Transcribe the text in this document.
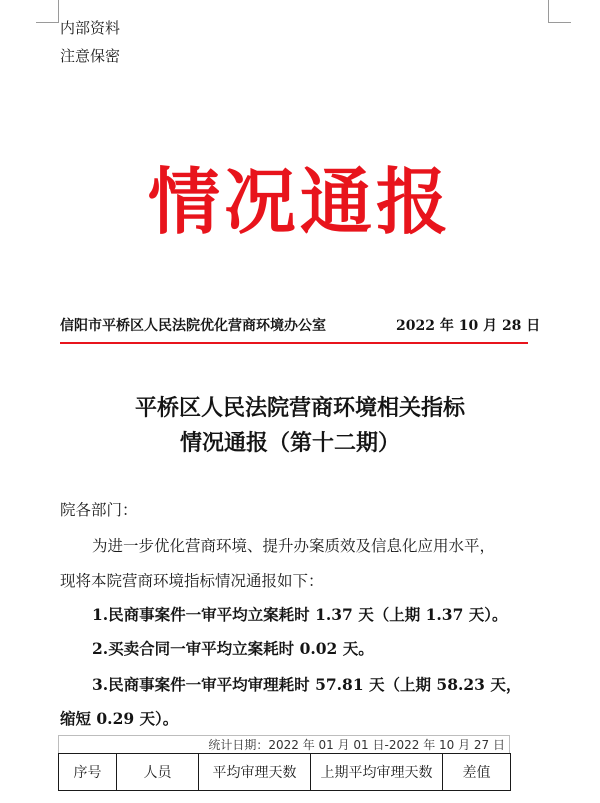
内部资料
注意保密
情况通报
信阳市平桥区人民法院优化营商环境办公室	2022 年 10 月 28 日
平桥区人民法院营商环境相关指标
情况通报（第十二期）
院各部门：
为进一步优化营商环境、提升办案质效及信息化应用水平，
现将本院营商环境指标情况通报如下：
1.民商事案件一审平均立案耗时 1.37 天（上期 1.37 天）。
2.买卖合同一审平均立案耗时 0.02 天。
3.民商事案件一审平均审理耗时 57.81 天（上期 58.23 天，
缩短 0.29 天）。
统计日期：2022 年 01 月 01 日-2022 年 10 月 27 日
序号	人员	平均审理天数	上期平均审理天数	差值
